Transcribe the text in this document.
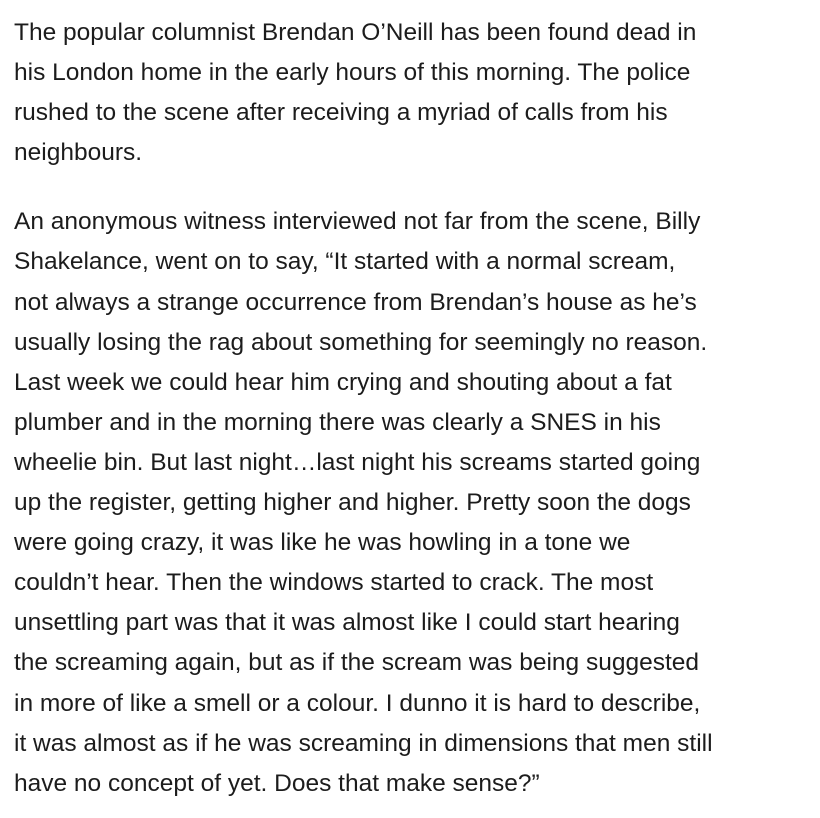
The popular columnist Brendan O’Neill has been found dead in
his London home in the early hours of this morning. The police
rushed to the scene after receiving a myriad of calls from his
neighbours.

An anonymous witness interviewed not far from the scene, Billy
Shakelance, went on to say, “It started with a normal scream,
not always a strange occurrence from Brendan’s house as he’s
usually losing the rag about something for seemingly no reason.
Last week we could hear him crying and shouting about a fat
plumber and in the morning there was clearly a SNES in his
wheelie bin. But last night…last night his screams started going
up the register, getting higher and higher. Pretty soon the dogs
were going crazy, it was like he was howling in a tone we
couldn’t hear. Then the windows started to crack. The most
unsettling part was that it was almost like I could start hearing
the screaming again, but as if the scream was being suggested
in more of like a smell or a colour. I dunno it is hard to describe,
it was almost as if he was screaming in dimensions that men still
have no concept of yet. Does that make sense?”
